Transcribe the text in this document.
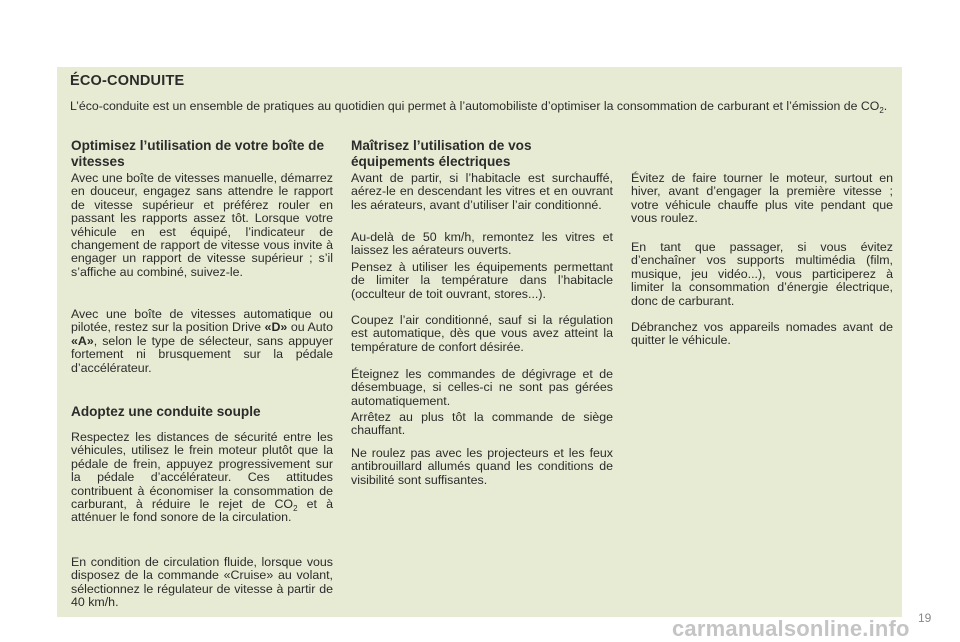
ÉCO-CONDUITE
L’éco-conduite est un ensemble de pratiques au quotidien qui permet à l’automobiliste d’optimiser la consommation de carburant et l’émission de $CO_2$.
Optimisez l’utilisation de votre boîte de vitesses

Avec une boîte de vitesses manuelle, démarrez en douceur, engagez sans attendre le rapport de vitesse supérieur et préférez rouler en passant les rapports assez tôt. Lorsque votre véhicule en est équipé, l’indicateur de changement de rapport de vitesse vous invite à engager un rapport de vitesse supérieur ; s’il s’affiche au combiné, suivez-le.

Avec une boîte de vitesses automatique ou pilotée, restez sur la position Drive «D» ou Auto «A», selon le type de sélecteur, sans appuyer fortement ni brusquement sur la pédale d’accélérateur.

Adoptez une conduite souple

Respectez les distances de sécurité entre les véhicules, utilisez le frein moteur plutôt que la pédale de frein, appuyez progressivement sur la pédale d’accélérateur. Ces attitudes contribuent à économiser la consommation de carburant, à réduire le rejet de $CO_2$ et à atténuer le fond sonore de la circulation.

En condition de circulation fluide, lorsque vous disposez de la commande «Cruise» au volant, sélectionnez le régulateur de vitesse à partir de 40 km/h.

Maîtrisez l’utilisation de vos équipements électriques

Avant de partir, si l’habitacle est surchauffé, aérez-le en descendant les vitres et en ouvrant les aérateurs, avant d’utiliser l’air conditionné.

Au-delà de 50 km/h, remontez les vitres et laissez les aérateurs ouverts.

Pensez à utiliser les équipements permettant de limiter la température dans l’habitacle (occulteur de toit ouvrant, stores...).

Coupez l’air conditionné, sauf si la régulation est automatique, dès que vous avez atteint la température de confort désirée.

Éteignez les commandes de dégivrage et de désembuage, si celles-ci ne sont pas gérées automatiquement.

Arrêtez au plus tôt la commande de siège chauffant.

Ne roulez pas avec les projecteurs et les feux antibrouillard allumés quand les conditions de visibilité sont suffisantes.

Évitez de faire tourner le moteur, surtout en hiver, avant d’engager la première vitesse ; votre véhicule chauffe plus vite pendant que vous roulez.

En tant que passager, si vous évitez d’enchaîner vos supports multimédia (film, musique, jeu vidéo...), vous participerez à limiter la consommation d’énergie électrique, donc de carburant.

Débranchez vos appareils nomades avant de quitter le véhicule.

19
carmanualsonline.info
